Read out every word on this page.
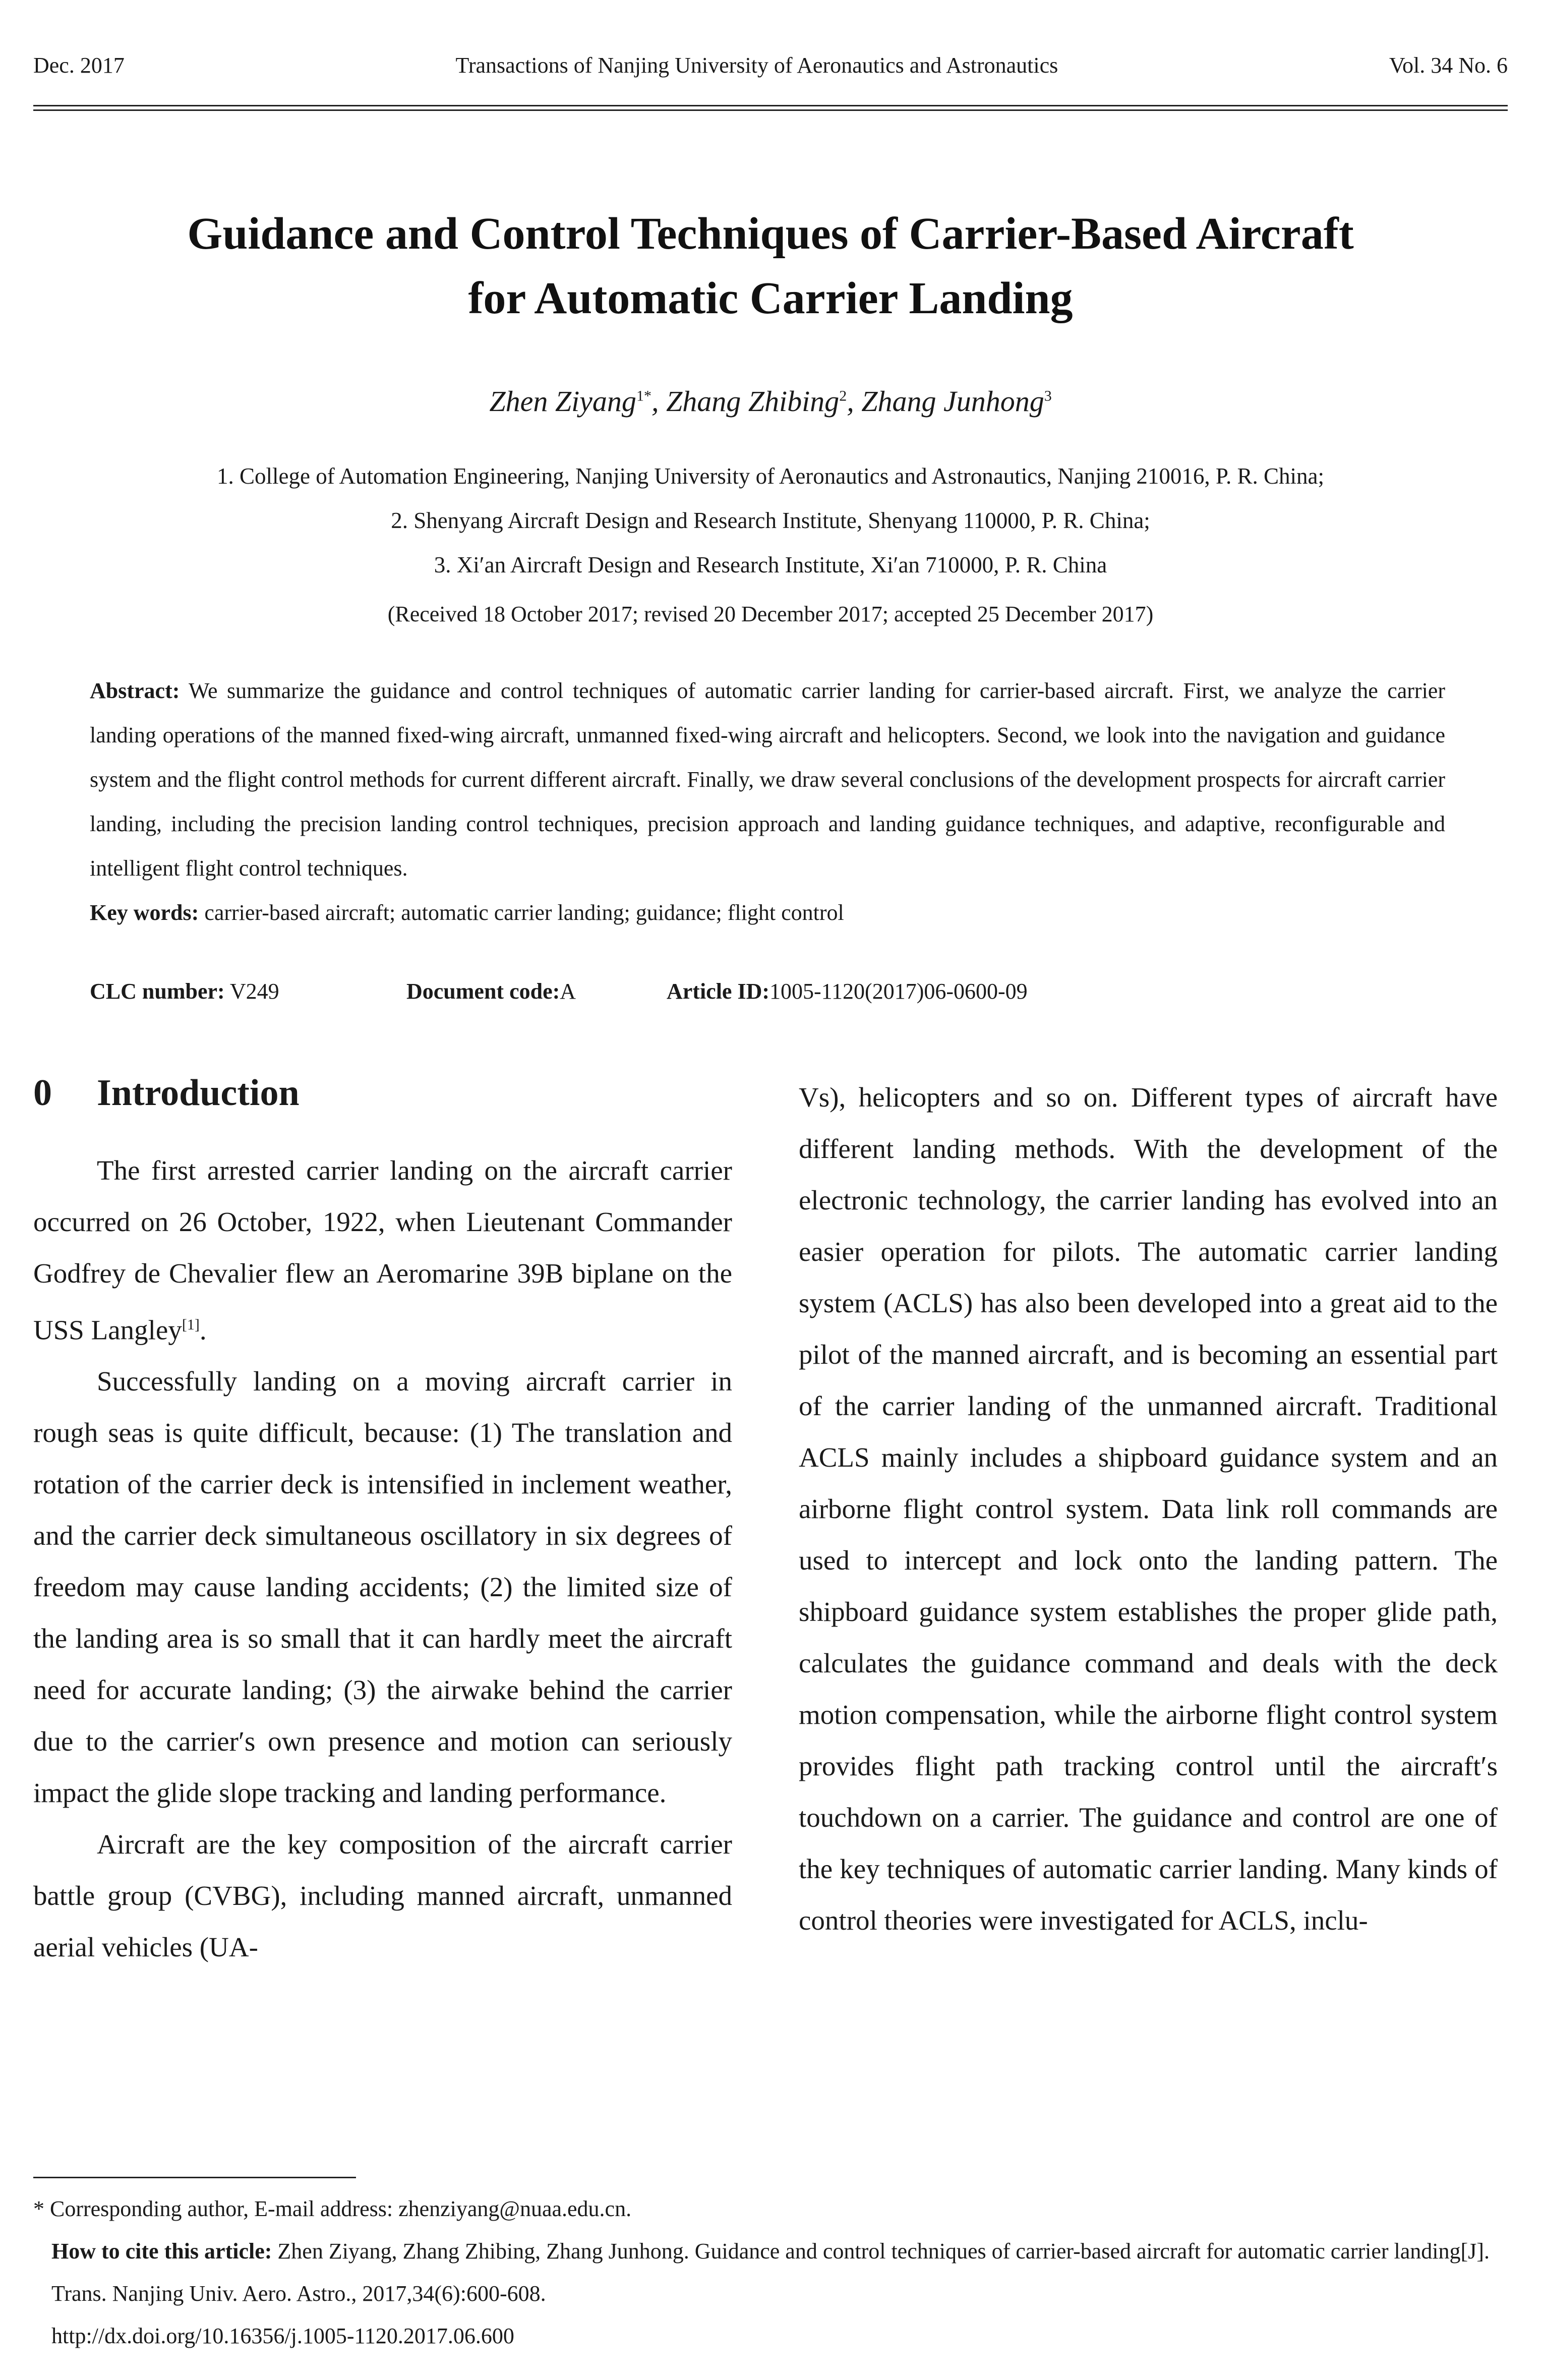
Dec. 2017	Transactions of Nanjing University of Aeronautics and Astronautics	Vol. 34 No. 6
Guidance and Control Techniques of Carrier-Based Aircraft
for Automatic Carrier Landing
Zhen Ziyang$^{1*}$, Zhang Zhibing$^2$, Zhang Junhong$^3$
1. College of Automation Engineering, Nanjing University of Aeronautics and Astronautics, Nanjing 210016, P. R. China;
2. Shenyang Aircraft Design and Research Institute, Shenyang 110000, P. R. China;
3. Xi′an Aircraft Design and Research Institute, Xi′an 710000, P. R. China
(Received 18 October 2017; revised 20 December 2017; accepted 25 December 2017)
Abstract: We summarize the guidance and control techniques of automatic carrier landing for carrier-based aircraft. First, we analyze the carrier landing operations of the manned fixed-wing aircraft, unmanned fixed-wing aircraft and helicopters. Second, we look into the navigation and guidance system and the flight control methods for current different aircraft. Finally, we draw several conclusions of the development prospects for aircraft carrier landing, including the precision landing control techniques, precision approach and landing guidance techniques, and adaptive, reconfigurable and intelligent flight control techniques.
Key words: carrier-based aircraft; automatic carrier landing; guidance; flight control
CLC number: V249	Document code:A	Article ID:1005-1120(2017)06-0600-09
0 Introduction

The first arrested carrier landing on the aircraft carrier occurred on 26 October, 1922, when Lieutenant Commander Godfrey de Chevalier flew an Aeromarine 39B biplane on the USS Langley[1].

Successfully landing on a moving aircraft carrier in rough seas is quite difficult, because: (1) The translation and rotation of the carrier deck is intensified in inclement weather, and the carrier deck simultaneous oscillatory in six degrees of freedom may cause landing accidents; (2) the limited size of the landing area is so small that it can hardly meet the aircraft need for accurate landing; (3) the airwake behind the carrier due to the carrier′s own presence and motion can seriously impact the glide slope tracking and landing performance.

Aircraft are the key composition of the aircraft carrier battle group (CVBG), including manned aircraft, unmanned aerial vehicles (UA-

Vs), helicopters and so on. Different types of aircraft have different landing methods. With the development of the electronic technology, the carrier landing has evolved into an easier operation for pilots. The automatic carrier landing system (ACLS) has also been developed into a great aid to the pilot of the manned aircraft, and is becoming an essential part of the carrier landing of the unmanned aircraft. Traditional ACLS mainly includes a shipboard guidance system and an airborne flight control system. Data link roll commands are used to intercept and lock onto the landing pattern. The shipboard guidance system establishes the proper glide path, calculates the guidance command and deals with the deck motion compensation, while the airborne flight control system provides flight path tracking control until the aircraft′s touchdown on a carrier. The guidance and control are one of the key techniques of automatic carrier landing. Many kinds of control theories were investigated for ACLS, inclu-

* Corresponding author, E-mail address: zhenziyang@nuaa.edu.cn.
How to cite this article: Zhen Ziyang, Zhang Zhibing, Zhang Junhong. Guidance and control techniques of carrier-based aircraft for automatic carrier landing[J]. Trans. Nanjing Univ. Aero. Astro., 2017,34(6):600-608.
http://dx.doi.org/10.16356/j.1005-1120.2017.06.600
